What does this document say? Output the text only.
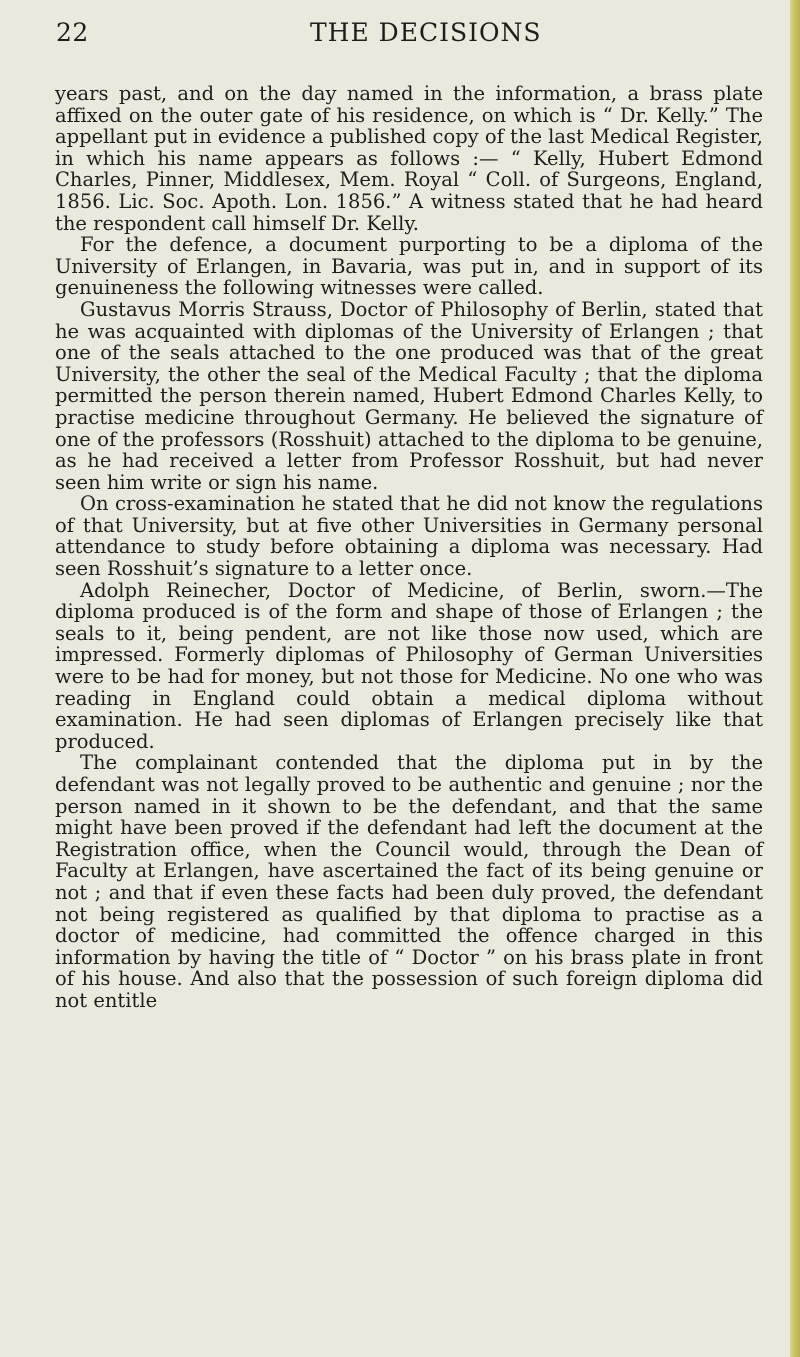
22	THE DECISIONS

years past, and on the day named in the information, a brass plate affixed on the outer gate of his residence, on which is “ Dr. Kelly.” The appellant put in evidence a published copy of the last Medical Register, in which his name appears as follows :— “ Kelly, Hubert Edmond Charles, Pinner, Middlesex, Mem. Royal “ Coll. of Surgeons, England, 1856. Lic. Soc. Apoth. Lon. 1856.” A witness stated that he had heard the respondent call himself Dr. Kelly.

For the defence, a document purporting to be a diploma of the University of Erlangen, in Bavaria, was put in, and in support of its genuineness the following witnesses were called.

Gustavus Morris Strauss, Doctor of Philosophy of Berlin, stated that he was acquainted with diplomas of the University of Erlangen ; that one of the seals attached to the one produced was that of the great University, the other the seal of the Medical Faculty ; that the diploma permitted the person therein named, Hubert Edmond Charles Kelly, to practise medicine throughout Germany. He believed the signature of one of the professors (Rosshuit) attached to the diploma to be genuine, as he had received a letter from Professor Rosshuit, but had never seen him write or sign his name.

On cross-examination he stated that he did not know the regulations of that University, but at five other Universities in Germany personal attendance to study before obtaining a diploma was necessary. Had seen Rosshuit’s signature to a letter once.

Adolph Reinecher, Doctor of Medicine, of Berlin, sworn.—The diploma produced is of the form and shape of those of Erlangen ; the seals to it, being pendent, are not like those now used, which are impressed. Formerly diplomas of Philosophy of German Universities were to be had for money, but not those for Medicine. No one who was reading in England could obtain a medical diploma without examination. He had seen diplomas of Erlangen precisely like that produced.

The complainant contended that the diploma put in by the defendant was not legally proved to be authentic and genuine ; nor the person named in it shown to be the defendant, and that the same might have been proved if the defendant had left the document at the Registration office, when the Council would, through the Dean of Faculty at Erlangen, have ascertained the fact of its being genuine or not ; and that if even these facts had been duly proved, the defendant not being registered as qualified by that diploma to practise as a doctor of medicine, had committed the offence charged in this information by having the title of “ Doctor ” on his brass plate in front of his house. And also that the possession of such foreign diploma did not entitle
